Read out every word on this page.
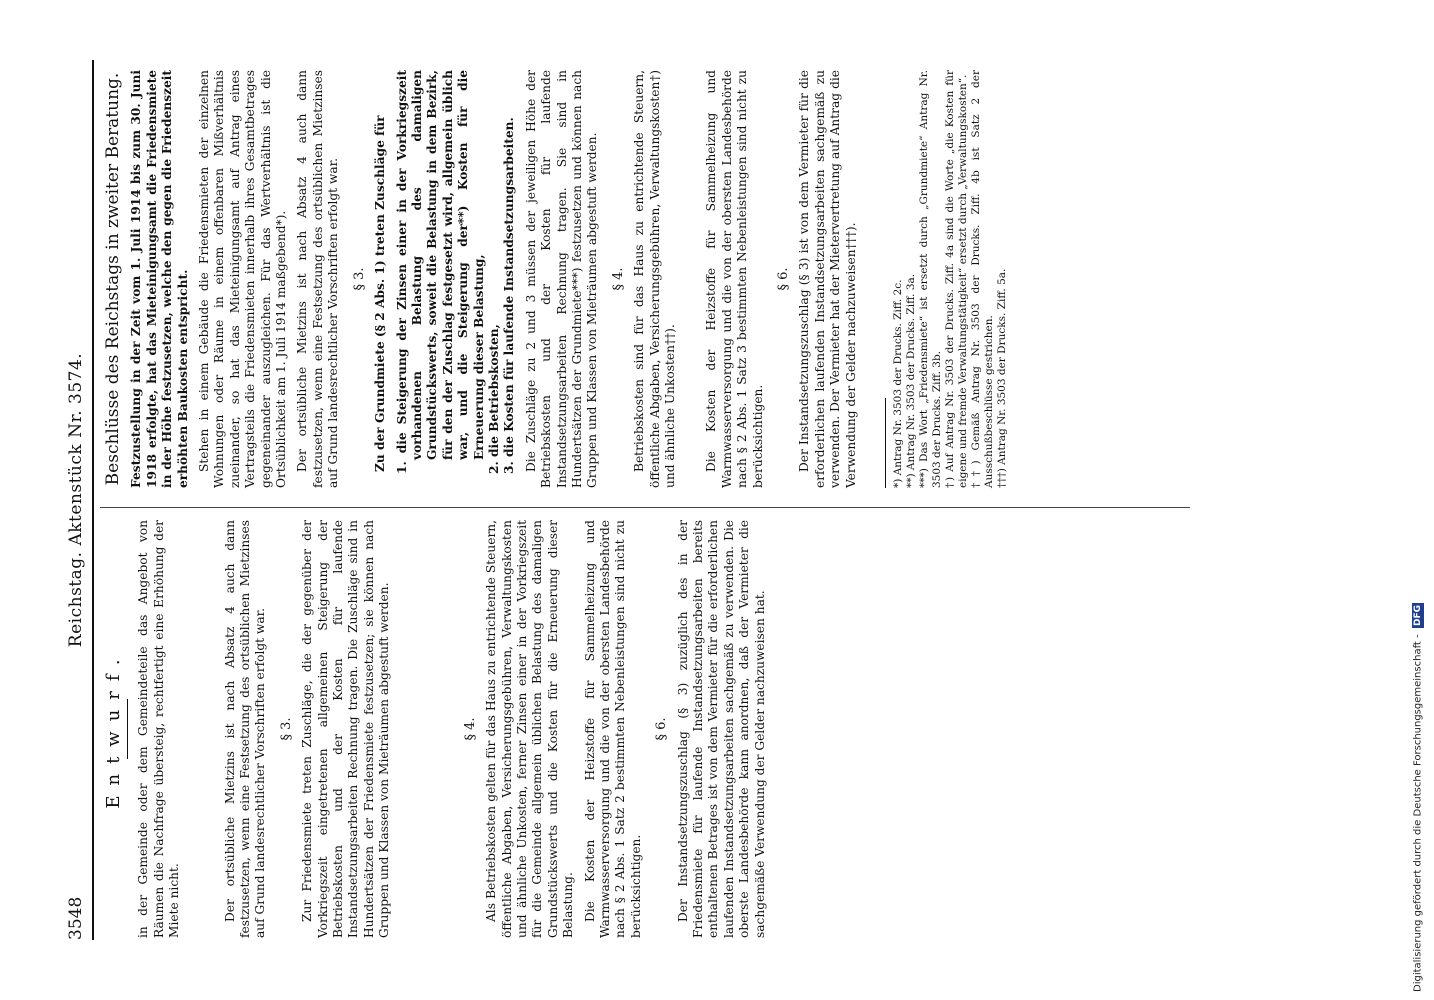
3548
Reichstag. Aktenstück Nr. 3574.
Entwurf. in der Gemeinde oder dem Gemeindeteile das Angebot von Räumen die Nachfrage übersteig, rechtfertigt eine Erhöhung der Miete nicht.	Der ortsübliche Mietzins ist nach Absatz 4 auch dann festzusetzen, wenn eine Festsetzung des ortsüblichen Mietzinses auf Grund landesrechtlicher Vorschriften erfolgt war. § 3. Zur Friedensmiete treten Zuschläge, die der gegenüber der Vorkriegszeit eingetretenen allgemeinen Steigerung der Betriebskosten und der Kosten für laufende Instandsetzungsarbeiten Rechnung tragen. Die Zuschläge sind in Hundertsätzen der Friedensmiete festzusetzen; sie können nach Gruppen und Klassen von Mieträumen abgestuft werden.	§ 4. Als Betriebskosten gelten für das Haus zu entrichtende Steuern, öffentliche Abgaben, Versicherungsgebühren, Verwaltungskosten und ähnliche Unkosten, ferner Zinsen einer in der Vorkriegszeit für die Gemeinde allgemein üblichen Belastung des damaligen Grundstückswerts und die Kosten für die Erneuerung dieser Belastung. Die Kosten der Heizstoffe für Sammelheizung und Warmwasserversorgung und die von der obersten Landesbehörde nach § 2 Abs. 1 Satz 2 bestimmten Nebenleistungen sind nicht zu berücksichtigen.

§ 6. Der Instandsetzungszuschlag (§ 3) zuzüglich des in der Friedensmiete für laufende Instandsetzungsarbeiten bereits enthaltenen Betrages ist von dem Vermieter für die erforderlichen laufenden Instandsetzungsarbeiten sachgemäß zu verwenden. Die oberste Landesbehörde kann anordnen, daß der Vermieter die sachgemäße Verwendung der Gelder nachzuweisen hat.

Beschlüsse des Reichstags in zweiter Beratung. Festzustellung in der Zeit vom 1. Juli 1914 bis zum 30. Juni 1918 erfolgte, hat das Mieteinigungsamt die Friedensmiete in der Höhe festzusetzen, welche den gegen die Friedenszeit erhöhten Baukosten entspricht. Stehen in einem Gebäude die Friedensmieten der einzelnen Wohnungen oder Räume in einem offenbaren Mißverhältnis zueinander, so hat das Mieteinigungsamt auf Antrag eines Vertragsteils die Friedensmieten innerhalb ihres Gesamtbetrages gegeneinander auszugleichen. Für das Wertverhältnis ist die Ortsüblichkeit am 1. Juli 1914 maßgebend*). Der ortsübliche Mietzins ist nach Absatz 4 auch dann festzusetzen, wenn eine Festsetzung des ortsüblichen Mietzinses auf Grund landesrechtlicher Vorschriften erfolgt war. § 3. Zu der Grundmiete (§ 2 Abs. 1) treten Zuschläge für 1. die Steigerung der Zinsen einer in der Vorkriegszeit vorhandenen Belastung des damaligen Grundstückswerts, soweit die Belastung in dem Bezirk, für den der Zuschlag festgesetzt wird, allgemein üblich war, und die Steigerung der**) Kosten für die Erneuerung dieser Belastung, 2. die Betriebskosten, 3. die Kosten für laufende Instandsetzungsarbeiten. Die Zuschläge zu 2 und 3 müssen der jeweiligen Höhe der Betriebskosten und der Kosten für laufende Instandsetzungsarbeiten Rechnung tragen. Sie sind in Hundertsätzen der Grundmiete***) festzusetzen und können nach Gruppen und Klassen von Mieträumen abgestuft werden. § 4. Betriebskosten sind für das Haus zu entrichtende Steuern, öffentliche Abgaben, Versicherungsgebühren, Verwaltungskosten†) und ähnliche Unkosten††). Die Kosten der Heizstoffe für Sammelheizung und Warmwasserversorgung und die von der obersten Landesbehörde nach § 2 Abs. 1 Satz 3 bestimmten Nebenleistungen sind nicht zu berücksichtigen.

§ 6. Der Instandsetzungszuschlag (§ 3) ist von dem Vermieter für die erforderlichen laufenden Instandsetzungsarbeiten sachgemäß zu verwenden. Der Vermieter hat der Mietervertretung auf Antrag die Verwendung der Gelder nachzuweisen†††).	*) Antrag Nr. 3503 der Drucks. Ziff. 2c. **) Antrag Nr. 3503 der Drucks. Ziff. 3a. ***) Das Wort „Friedensmiete“ ist ersetzt durch „Grundmiete“ Antrag Nr. 3503 der Drucks. Ziff. 3b. †) Auf Antrag Nr. 3503 der Drucks. Ziff. 4a sind die Worte „die Kosten für eigene und fremde Verwaltungstätigkeit“ ersetzt durch „Verwaltungskosten“. ††) Gemäß Antrag Nr. 3503 der Drucks. Ziff. 4b ist Satz 2 der Ausschußbeschlüsse gestrichen. †††) Antrag Nr. 3503 der Drucks. Ziff. 5a.

Digitalisierung gefördert durch die Deutsche Forschungsgemeinschaft -
DFG
